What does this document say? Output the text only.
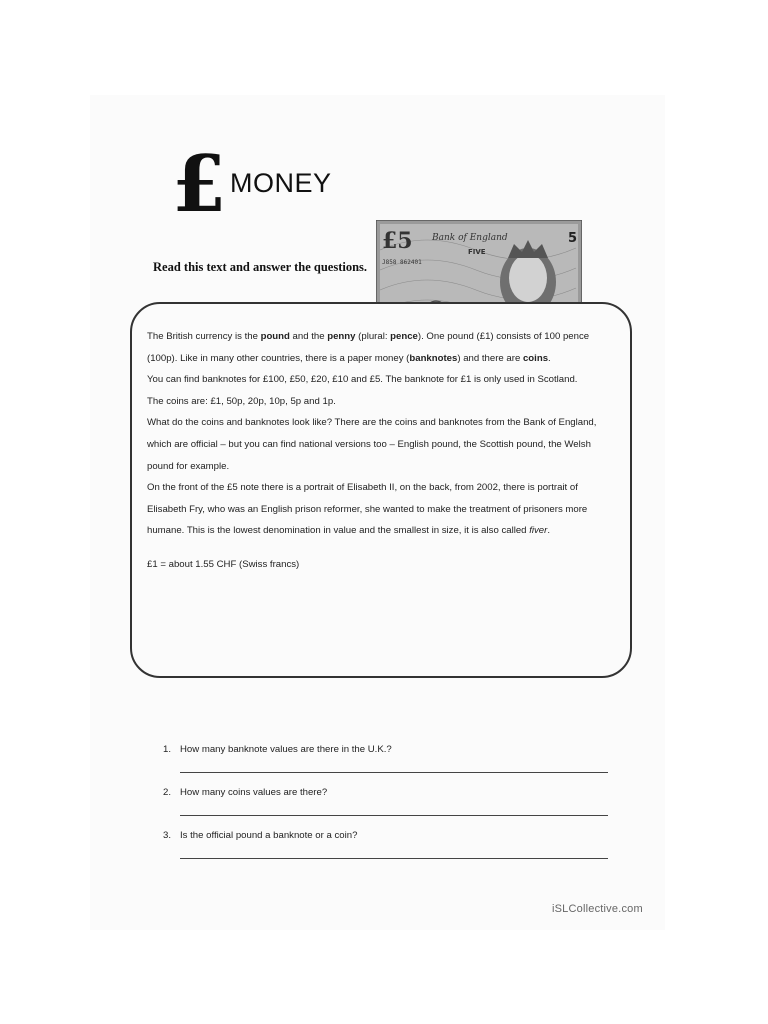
£ MONEY
Read this text and answer the questions.
£5 Bank of England
FIVE
J858 862401
5

The British currency is the pound and the penny (plural: pence). One pound (£1) consists of 100 pence (100p). Like in many other countries, there is a paper money (banknotes) and there are coins.

You can find banknotes for £100, £50, £20, £10 and £5. The banknote for £1 is only used in Scotland.

The coins are: £1, 50p, 20p, 10p, 5p and 1p.

What do the coins and banknotes look like? There are the coins and banknotes from the Bank of England, which are official – but you can find national versions too – English pound, the Scottish pound, the Welsh pound for example.

On the front of the £5 note there is a portrait of Elisabeth II, on the back, from 2002, there is portrait of Elisabeth Fry, who was an English prison reformer, she wanted to make the treatment of prisoners more humane. This is the lowest denomination in value and the smallest in size, it is also called fiver.

£1 = about 1.55 CHF (Swiss francs)

1. How many banknote values are there in the U.K.?
2. How many coins values are there?
3. Is the official pound a banknote or a coin?
iSLCollective.com
